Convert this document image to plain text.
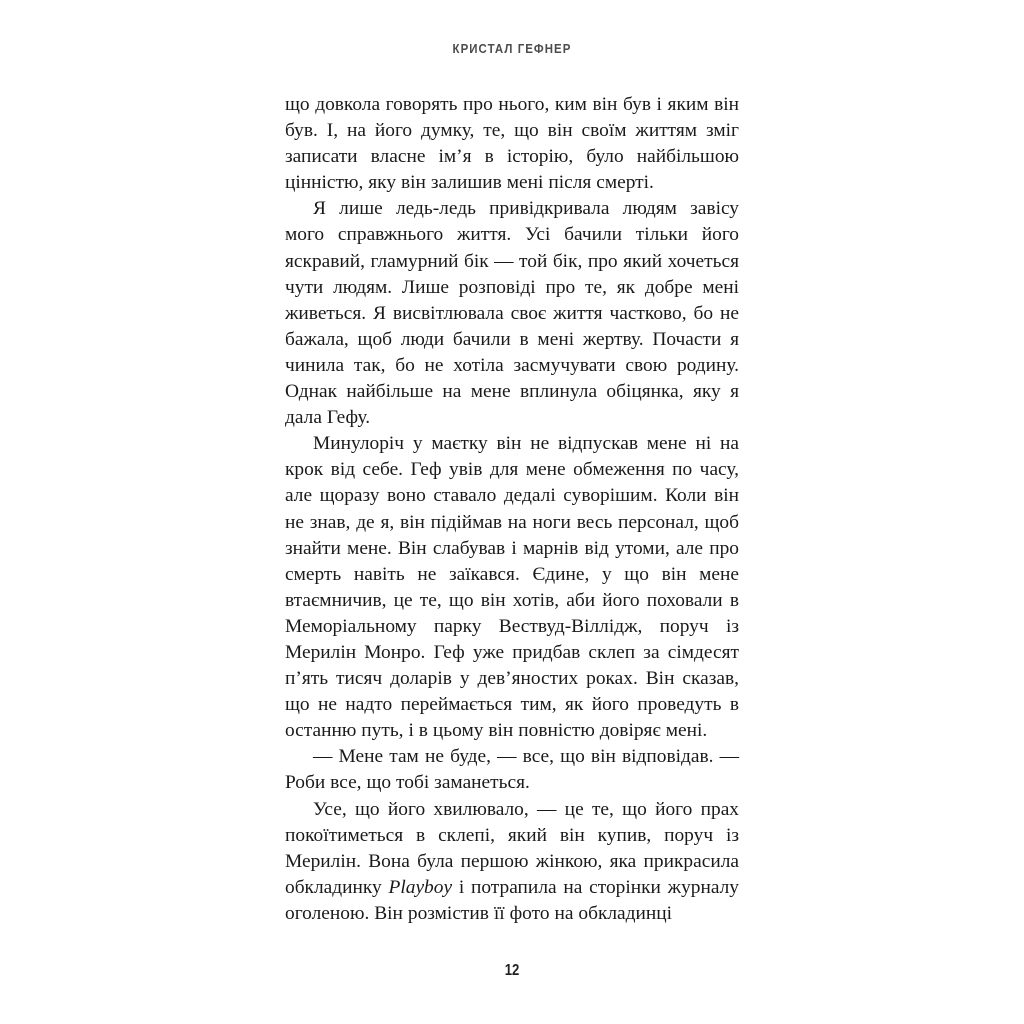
КРИСТАЛ ГЕФНЕР

що довкола говорять про нього, ким він був і яким він був. І, на його думку, те, що він своїм життям зміг записати власне ім’я в історію, було найбільшою цінністю, яку він залишив мені після смерті.

Я лише ледь-ледь привідкривала людям завісу мого справжнього життя. Усі бачили тільки його яскравий, гламурний бік — той бік, про який хочеться чути людям. Лише розповіді про те, як добре мені живеться. Я висвітлювала своє життя частково, бо не бажала, щоб люди бачили в мені жертву. Почасти я чинила так, бо не хотіла засмучувати свою родину. Однак найбільше на мене вплинула обіцянка, яку я дала Гефу.

Минулоріч у маєтку він не відпускав мене ні на крок від себе. Геф увів для мене обмеження по часу, але щоразу воно ставало дедалі суворішим. Коли він не знав, де я, він підіймав на ноги весь персонал, щоб знайти мене. Він слабував і марнів від утоми, але про смерть навіть не заїкався. Єдине, у що він мене втаємничив, це те, що він хотів, аби його поховали в Меморіальному парку Вествуд-Віллідж, поруч із Мерилін Монро. Геф уже придбав склеп за сімдесят п’ять тисяч доларів у дев’яностих роках. Він сказав, що не надто переймається тим, як його проведуть в останню путь, і в цьому він повністю довіряє мені.

— Мене там не буде, — все, що він відповідав. — Роби все, що тобі заманеться.

Усе, що його хвилювало, — це те, що його прах покоїтиметься в склепі, який він купив, поруч із Мерилін. Вона була першою жінкою, яка прикрасила обкладинку Playboy і потрапила на сторінки журналу оголеною. Він розмістив її фото на обкладинці

12
